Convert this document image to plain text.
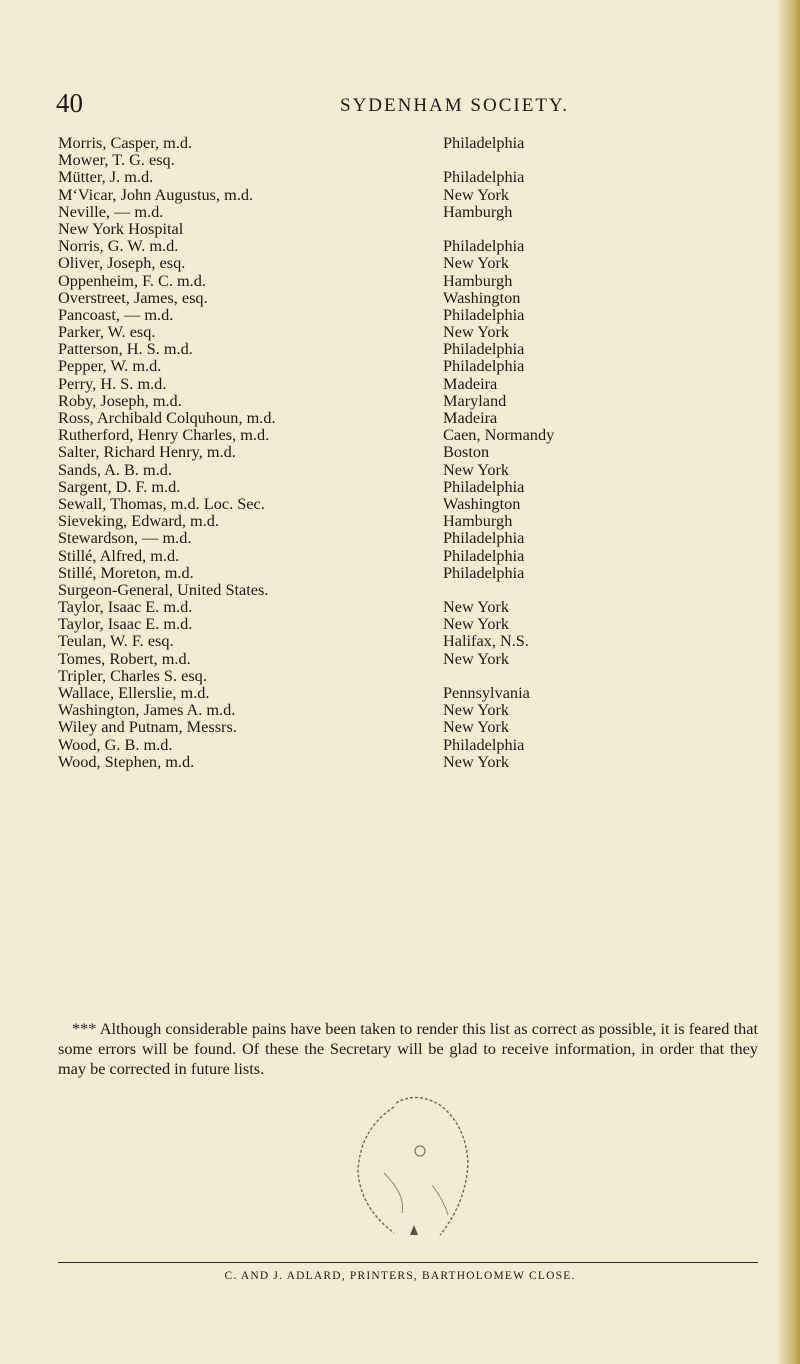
40	SYDENHAM SOCIETY.
Morris, Casper, m.d.	Philadelphia
Mower, T. G. esq.
Mütter, J. m.d.	Philadelphia
M‘Vicar, John Augustus, m.d.	New York
Neville, — m.d.	Hamburgh
New York Hospital
Norris, G. W. m.d.	Philadelphia
Oliver, Joseph, esq.	New York
Oppenheim, F. C. m.d.	Hamburgh
Overstreet, James, esq.	Washington
Pancoast, — m.d.	Philadelphia
Parker, W. esq.	New York
Patterson, H. S. m.d.	Philadelphia
Pepper, W. m.d.	Philadelphia
Perry, H. S. m.d.	Madeira
Roby, Joseph, m.d.	Maryland
Ross, Archibald Colquhoun, m.d.	Madeira
Rutherford, Henry Charles, m.d.	Caen, Normandy
Salter, Richard Henry, m.d.	Boston
Sands, A. B. m.d.	New York
Sargent, D. F. m.d.	Philadelphia
Sewall, Thomas, m.d. Loc. Sec.	Washington
Sieveking, Edward, m.d.	Hamburgh
Stewardson, — m.d.	Philadelphia
Stillé, Alfred, m.d.	Philadelphia
Stillé, Moreton, m.d.	Philadelphia
Surgeon-General, United States.
Taylor, Isaac E. m.d.	New York
Taylor, Isaac E. m.d.	New York
Teulan, W. F. esq.	Halifax, N.S.
Tomes, Robert, m.d.	New York
Tripler, Charles S. esq.
Wallace, Ellerslie, m.d.	Pennsylvania
Washington, James A. m.d.	New York
Wiley and Putnam, Messrs.	New York
Wood, G. B. m.d.	Philadelphia
Wood, Stephen, m.d.	New York
*** Although considerable pains have been taken to render this list as correct as possible, it is feared that some errors will be found. Of these the Secretary will be glad to receive information, in order that they may be corrected in future lists.
C. AND J. ADLARD, PRINTERS, BARTHOLOMEW CLOSE.
